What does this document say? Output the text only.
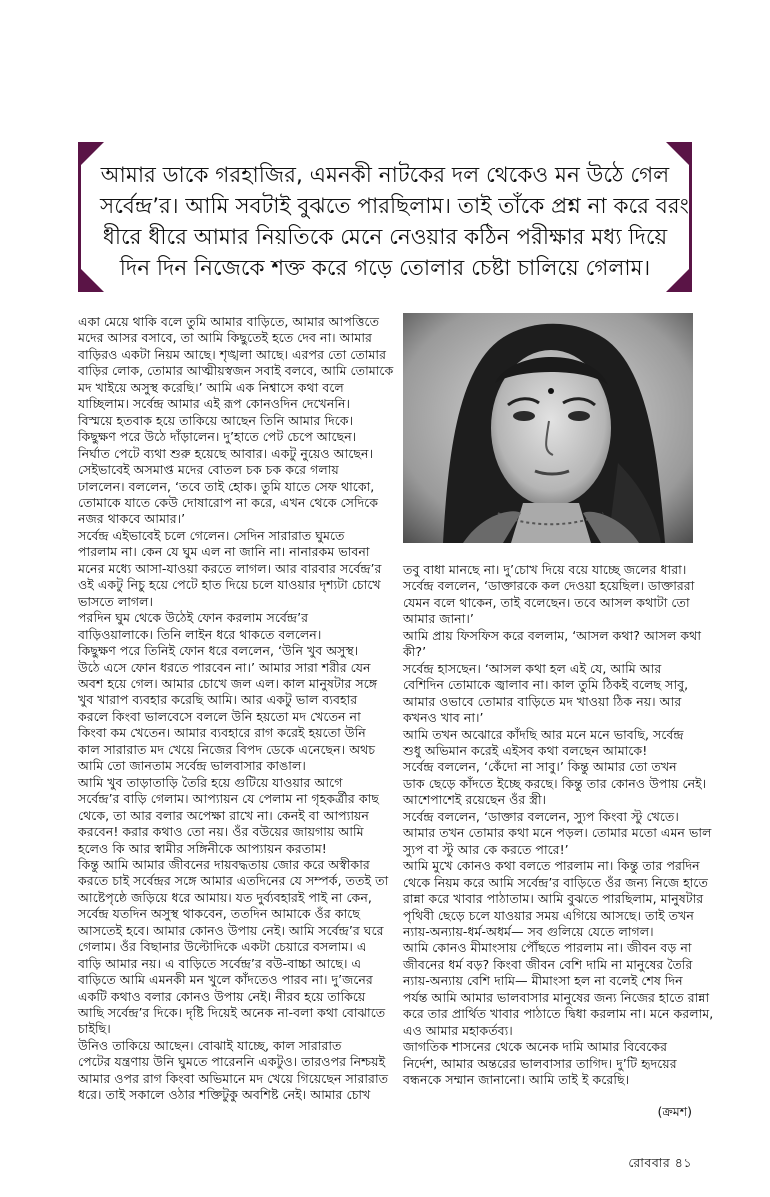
আমার ডাকে গরহাজির, এমনকী নাটকের দল থেকেও মন উঠে গেল

সর্বেন্দ্র’র। আমি সবটাই বুঝতে পারছিলাম। তাই তাঁকে প্রশ্ন না করে বরং

ধীরে ধীরে আমার নিয়তিকে মেনে নেওয়ার কঠিন পরীক্ষার মধ্য দিয়ে

দিন দিন নিজেকে শক্ত করে গড়ে তোলার চেষ্টা চালিয়ে গেলাম।

একা মেয়ে থাকি বলে তুমি আমার বাড়িতে, আমার আপত্তিতে

মদের আসর বসাবে, তা আমি কিছুতেই হতে দেব না। আমার

বাড়িরও একটা নিয়ম আছে। শৃঙ্খলা আছে। এরপর তো তোমার

বাড়ির লোক, তোমার আত্মীয়স্বজন সবাই বলবে, আমি তোমাকে

মদ খাইয়ে অসুস্থ করেছি।’ আমি এক নিশ্বাসে কথা বলে

যাচ্ছিলাম। সর্বেন্দ্র আমার এই রূপ কোনওদিন দেখেননি।

বিস্ময়ে হতবাক হয়ে তাকিয়ে আছেন তিনি আমার দিকে।

কিছুক্ষণ পরে উঠে দাঁড়ালেন। দু’হাতে পেট চেপে আছেন।

নির্ঘাত পেটে ব্যথা শুরু হয়েছে আবার। একটু নুয়েও আছেন।

সেইভাবেই অসমাপ্ত মদের বোতল চক চক করে গলায়

ঢাললেন। বললেন, ‘তবে তাই হোক। তুমি যাতে সেফ থাকো,

তোমাকে যাতে কেউ দোষারোপ না করে, এখন থেকে সেদিকে

নজর থাকবে আমার।’

সর্বেন্দ্র এইভাবেই চলে গেলেন। সেদিন সারারাত ঘুমতে

পারলাম না। কেন যে ঘুম এল না জানি না। নানারকম ভাবনা

মনের মধ্যে আসা-যাওয়া করতে লাগল। আর বারবার সর্বেন্দ্র’র

ওই একটু নিচু হয়ে পেটে হাত দিয়ে চলে যাওয়ার দৃশ্যটা চোখে

ভাসতে লাগল।

পরদিন ঘুম থেকে উঠেই ফোন করলাম সর্বেন্দ্র’র

বাড়িওয়ালাকে। তিনি লাইন ধরে থাকতে বললেন।

কিছুক্ষণ পরে তিনিই ফোন ধরে বললেন, ‘উনি খুব অসুস্থ।

উঠে এসে ফোন ধরতে পারবেন না।’ আমার সারা শরীর যেন

অবশ হয়ে গেল। আমার চোখে জল এল। কাল মানুষটার সঙ্গে

খুব খারাপ ব্যবহার করেছি আমি। আর একটু ভাল ব্যবহার

করলে কিংবা ভালবেসে বললে উনি হয়তো মদ খেতেন না

কিংবা কম খেতেন। আমার ব্যবহারে রাগ করেই হয়তো উনি

কাল সারারাত মদ খেয়ে নিজের বিপদ ডেকে এনেছেন। অথচ

আমি তো জানতাম সর্বেন্দ্র ভালবাসার কাঙাল।

আমি খুব তাড়াতাড়ি তৈরি হয়ে গুটিয়ে যাওয়ার আগে

সর্বেন্দ্র’র বাড়ি গেলাম। আপ্যায়ন যে পেলাম না গৃহকর্ত্রীর কাছ

থেকে, তা আর বলার অপেক্ষা রাখে না। কেনই বা আপ্যায়ন

করবেন! করার কথাও তো নয়। ওঁর বউয়ের জায়গায় আমি

হলেও কি আর স্বামীর সঙ্গিনীকে আপ্যায়ন করতাম!

কিন্তু আমি আমার জীবনের দায়বদ্ধতায় জোর করে অস্বীকার

করতে চাই সর্বেন্দ্রর সঙ্গে আমার এতদিনের যে সম্পর্ক, ততই তা

আষ্টেপৃষ্ঠে জড়িয়ে ধরে আমায়। যত দুর্ব্যবহারই পাই না কেন,

সর্বেন্দ্র যতদিন অসুস্থ থাকবেন, ততদিন আমাকে ওঁর কাছে

আসতেই হবে। আমার কোনও উপায় নেই। আমি সর্বেন্দ্র’র ঘরে

গেলাম। ওঁর বিছানার উল্টোদিকে একটা চেয়ারে বসলাম। এ

বাড়ি আমার নয়। এ বাড়িতে সর্বেন্দ্র’র বউ-বাচ্চা আছে। এ

বাড়িতে আমি এমনকী মন খুলে কাঁদতেও পারব না। দু’জনের

একটি কথাও বলার কোনও উপায় নেই। নীরব হয়ে তাকিয়ে

আছি সর্বেন্দ্র’র দিকে। দৃষ্টি দিয়েই অনেক না-বলা কথা বোঝাতে

চাইছি।

উনিও তাকিয়ে আছেন। বোঝাই যাচ্ছে, কাল সারারাত

পেটের যন্ত্রণায় উনি ঘুমতে পারেননি একটুও। তারওপর নিশ্চয়ই

আমার ওপর রাগ কিংবা অভিমানে মদ খেয়ে গিয়েছেন সারারাত

ধরে। তাই সকালে ওঠার শক্তিটুকু অবশিষ্ট নেই। আমার চোখ

তবু বাধা মানছে না। দু’চোখ দিয়ে বয়ে যাচ্ছে জলের ধারা।

সর্বেন্দ্র বললেন, ‘ডাক্তারকে কল দেওয়া হয়েছিল। ডাক্তাররা

যেমন বলে থাকেন, তাই বলেছেন। তবে আসল কথাটা তো

আমার জানা।’

আমি প্রায় ফিসফিস করে বললাম, ‘আসল কথা? আসল কথা

কী?’

সর্বেন্দ্র হাসছেন। ‘আসল কথা হল এই যে, আমি আর

বেশিদিন তোমাকে জ্বালাব না। কাল তুমি ঠিকই বলেছ সাবু,

আমার ওভাবে তোমার বাড়িতে মদ খাওয়া ঠিক নয়। আর

কখনও খাব না।’

আমি তখন অঝোরে কাঁদছি আর মনে মনে ভাবছি, সর্বেন্দ্র

শুধু অভিমান করেই এইসব কথা বলছেন আমাকে!

সর্বেন্দ্র বললেন, ‘কেঁদো না সাবু।’ কিন্তু আমার তো তখন

ডাক ছেড়ে কাঁদতে ইচ্ছে করছে। কিন্তু তার কোনও উপায় নেই।

আশেপাশেই রয়েছেন ওঁর স্ত্রী।

সর্বেন্দ্র বললেন, ‘ডাক্তার বললেন, স্যুপ কিংবা স্টু খেতে।

আমার তখন তোমার কথা মনে পড়ল। তোমার মতো এমন ভাল

স্যুপ বা স্টু আর কে করতে পারে!’

আমি মুখে কোনও কথা বলতে পারলাম না। কিন্তু তার পরদিন

থেকে নিয়ম করে আমি সর্বেন্দ্র’র বাড়িতে ওঁর জন্য নিজে হাতে

রান্না করে খাবার পাঠাতাম। আমি বুঝতে পারছিলাম, মানুষটার

পৃথিবী ছেড়ে চলে যাওয়ার সময় এগিয়ে আসছে। তাই তখন

ন্যায়-অন্যায়-ধর্ম-অধর্ম— সব গুলিয়ে যেতে লাগল।

আমি কোনও মীমাংসায় পৌঁছতে পারলাম না। জীবন বড় না

জীবনের ধর্ম বড়? কিংবা জীবন বেশি দামি না মানুষের তৈরি

ন্যায়-অন্যায় বেশি দামি— মীমাংসা হল না বলেই শেষ দিন

পর্যন্ত আমি আমার ভালবাসার মানুষের জন্য নিজের হাতে রান্না

করে তার প্রার্থিত খাবার পাঠাতে দ্বিধা করলাম না। মনে করলাম,

এও আমার মহাকর্তব্য।

জাগতিক শাসনের থেকে অনেক দামি আমার বিবেকের

নির্দেশ, আমার অন্তরের ভালবাসার তাগিদ। দু’টি হৃদয়ের

বন্ধনকে সম্মান জানানো। আমি তাই ই করেছি।

(ক্রমশ)
রোববার ৪১
